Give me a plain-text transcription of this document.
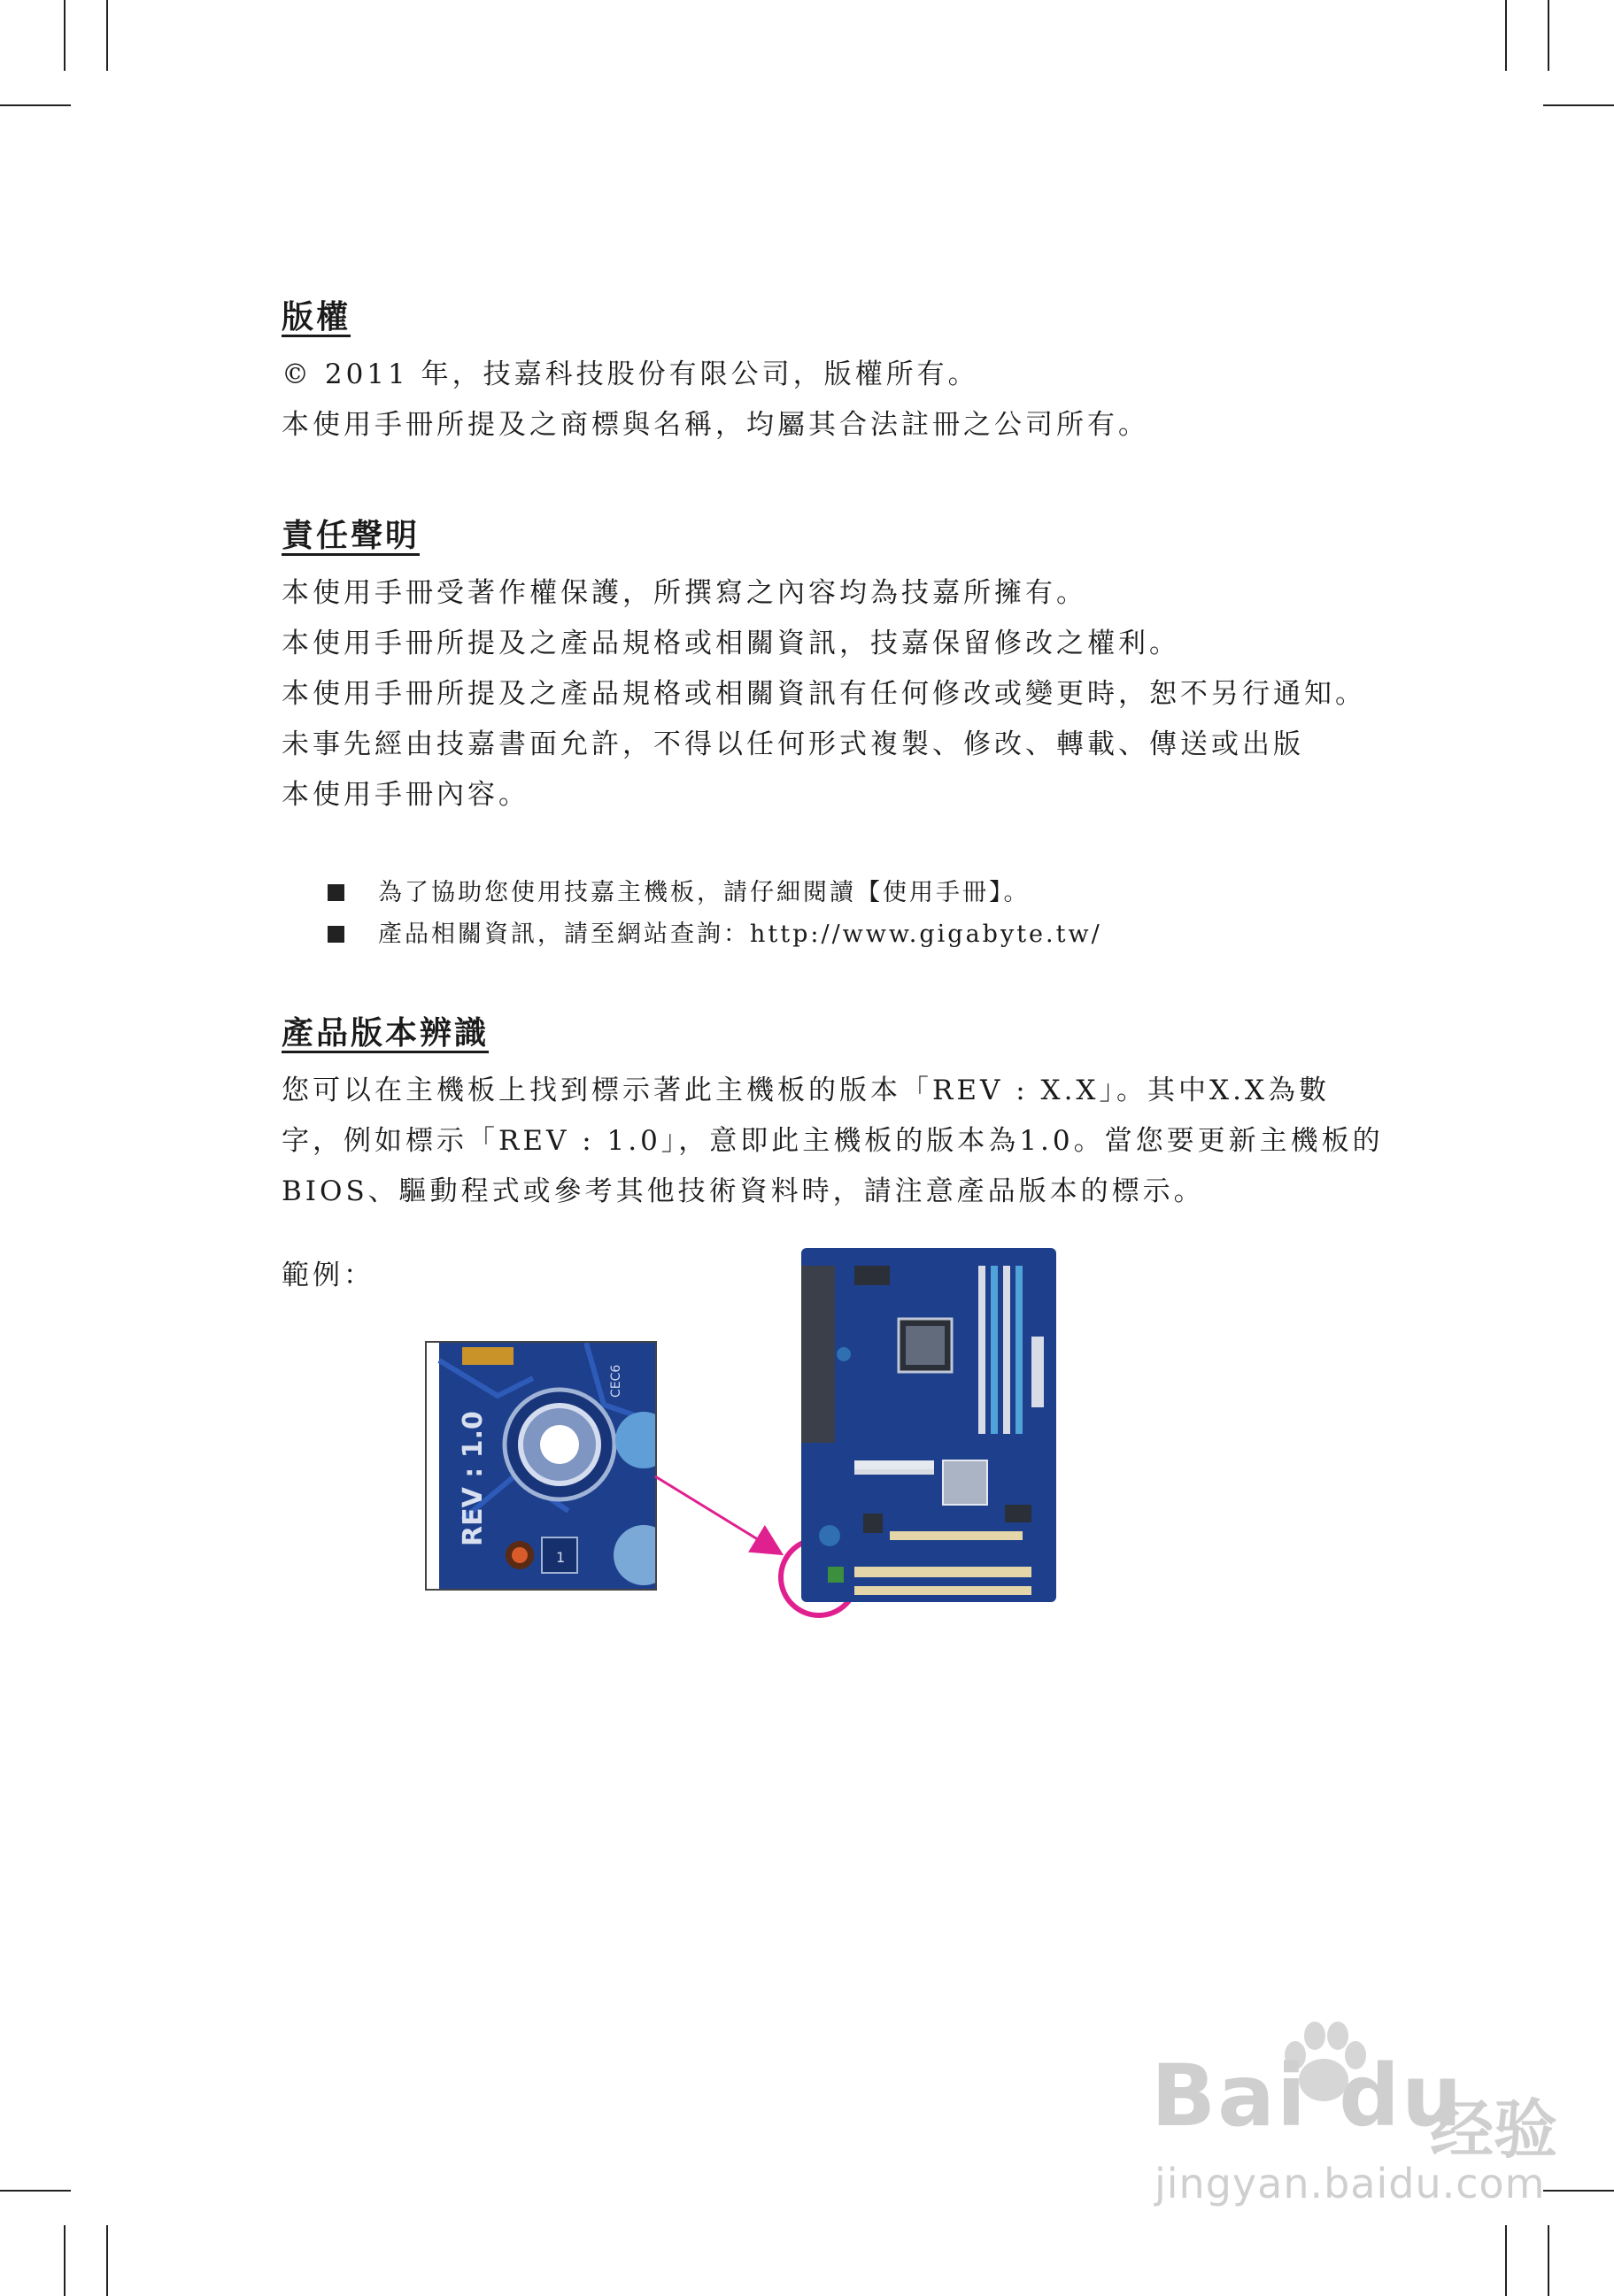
版權
© 2011 年，技嘉科技股份有限公司，版權所有。
本使用手冊所提及之商標與名稱，均屬其合法註冊之公司所有。
責任聲明
本使用手冊受著作權保護，所撰寫之內容均為技嘉所擁有。
本使用手冊所提及之產品規格或相關資訊，技嘉保留修改之權利。
本使用手冊所提及之產品規格或相關資訊有任何修改或變更時，恕不另行通知。
未事先經由技嘉書面允許，不得以任何形式複製、修改、轉載、傳送或出版
本使用手冊內容。
為了協助您使用技嘉主機板，請仔細閱讀【使用手冊】。
產品相關資訊，請至網站查詢：http://www.gigabyte.tw/
產品版本辨識
您可以在主機板上找到標示著此主機板的版本「REV : X.X」。其中X.X為數
字，例如標示「REV : 1.0」，意即此主機板的版本為1.0。當您要更新主機板的
BIOS、驅動程式或參考其他技術資料時，請注意產品版本的標示。
範例：
CEC6
1
REV : 1.0
Bai du
经验
jingyan.baidu.com
